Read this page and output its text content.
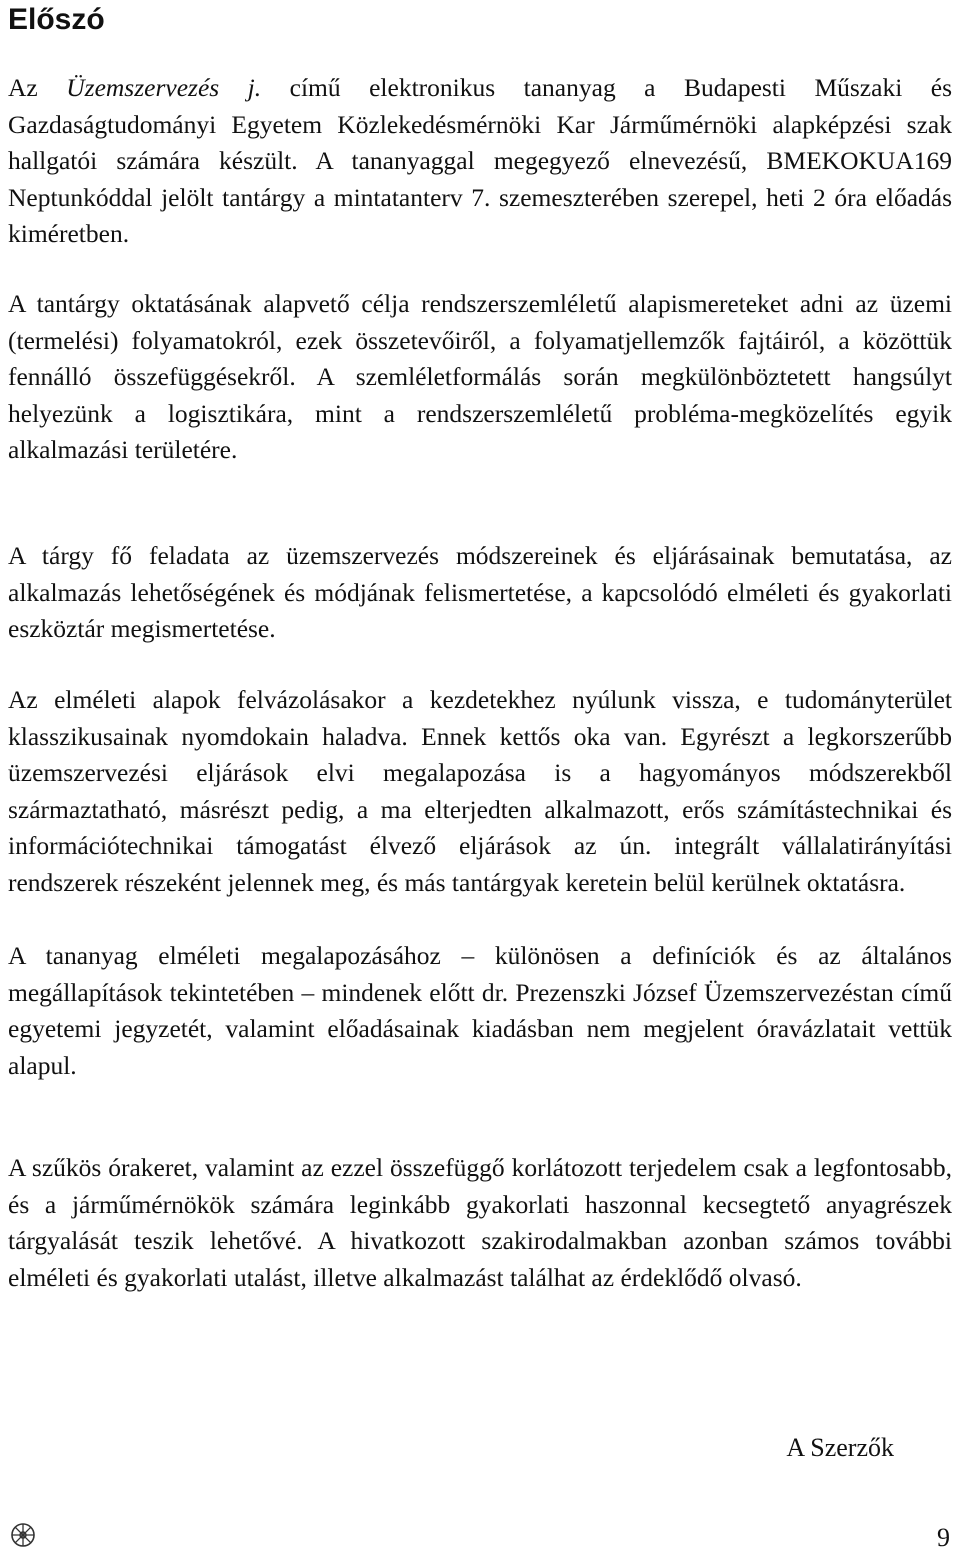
Előszó

Az Üzemszervezés j. című elektronikus tananyag a Budapesti Műszaki és Gazdaságtudományi Egyetem Közlekedésmérnöki Kar Járműmérnöki alapképzési szak hallgatói számára készült. A tananyaggal megegyező elnevezésű, BMEKOKUA169 Neptunkóddal jelölt tantárgy a mintatanterv 7. szemeszterében szerepel, heti 2 óra előadás kiméretben.

A tantárgy oktatásának alapvető célja rendszerszemléletű alapismereteket adni az üzemi (termelési) folyamatokról, ezek összetevőiről, a folyamatjellemzők fajtáiról, a közöttük fennálló összefüggésekről. A szemléletformálás során megkülönböztetett hangsúlyt helyezünk a logisztikára, mint a rendszerszemléletű probléma-megközelítés egyik alkalmazási területére.

A tárgy fő feladata az üzemszervezés módszereinek és eljárásainak bemutatása, az alkalmazás lehetőségének és módjának felismertetése, a kapcsolódó elméleti és gyakorlati eszköztár megismertetése.

Az elméleti alapok felvázolásakor a kezdetekhez nyúlunk vissza, e tudományterület klasszikusainak nyomdokain haladva. Ennek kettős oka van. Egyrészt a legkorszerűbb üzemszervezési eljárások elvi megalapozása is a hagyományos módszerekből származtatható, másrészt pedig, a ma elterjedten alkalmazott, erős számítástechnikai és információtechnikai támogatást élvező eljárások az ún. integrált vállalatirányítási rendszerek részeként jelennek meg, és más tantárgyak keretein belül kerülnek oktatásra.

A tananyag elméleti megalapozásához – különösen a definíciók és az általános megállapítások tekintetében – mindenek előtt dr. Prezenszki József Üzemszervezéstan című egyetemi jegyzetét, valamint előadásainak kiadásban nem megjelent óravázlatait vettük alapul.

A szűkös órakeret, valamint az ezzel összefüggő korlátozott terjedelem csak a legfontosabb, és a járműmérnökök számára leginkább gyakorlati haszonnal kecsegtető anyagrészek tárgyalását teszik lehetővé. A hivatkozott szakirodalmakban azonban számos további elméleti és gyakorlati utalást, illetve alkalmazást találhat az érdeklődő olvasó.

A Szerzők

9
